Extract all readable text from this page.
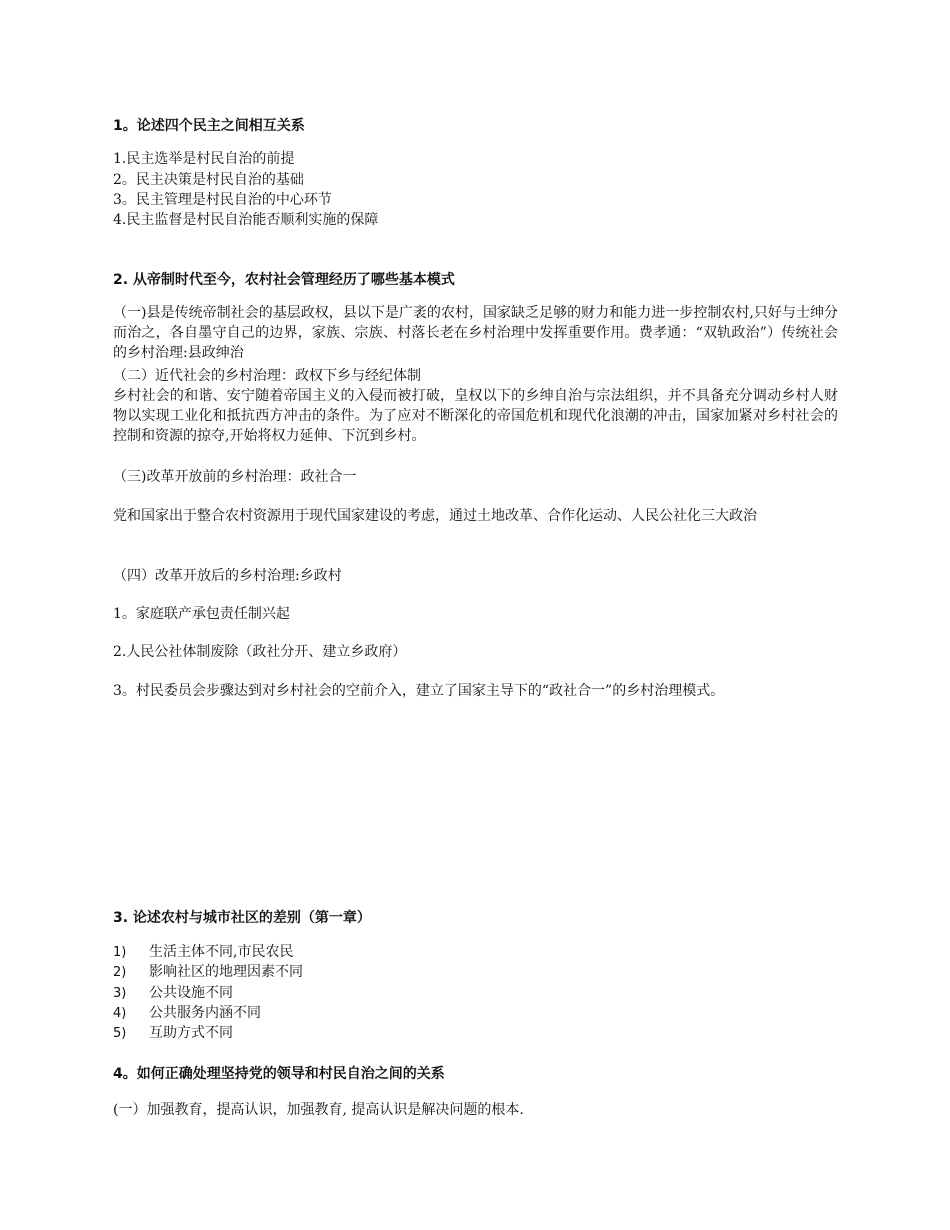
1。论述四个民主之间相互关系
1.民主选举是村民自治的前提
2。民主决策是村民自治的基础
3。民主管理是村民自治的中心环节
4.民主监督是村民自治能否顺利实施的保障
2. 从帝制时代至今，农村社会管理经历了哪些基本模式
（一)县是传统帝制社会的基层政权，县以下是广袤的农村，国家缺乏足够的财力和能力进一步控制农村,只好与士绅分而治之，各自墨守自己的边界，家族、宗族、村落长老在乡村治理中发挥重要作用。费孝通：“双轨政治”）传统社会的乡村治理:县政绅治
（二）近代社会的乡村治理：政权下乡与经纪体制
乡村社会的和谐、安宁随着帝国主义的入侵而被打破，皇权以下的乡绅自治与宗法组织，并不具备充分调动乡村人财物以实现工业化和抵抗西方冲击的条件。为了应对不断深化的帝国危机和现代化浪潮的冲击，国家加紧对乡村社会的控制和资源的掠夺,开始将权力延伸、下沉到乡村。
（三)改革开放前的乡村治理：政社合一
党和国家出于整合农村资源用于现代国家建设的考虑，通过土地改革、合作化运动、人民公社化三大政治
（四）改革开放后的乡村治理:乡政村
1。家庭联产承包责任制兴起
2.人民公社体制废除（政社分开、建立乡政府）
3。村民委员会步骤达到对乡村社会的空前介入，建立了国家主导下的“政社合一”的乡村治理模式。
3. 论述农村与城市社区的差别（第一章）
1) 生活主体不同,市民农民
2) 影响社区的地理因素不同
3) 公共设施不同
4) 公共服务内涵不同
5) 互助方式不同
4。如何正确处理坚持党的领导和村民自治之间的关系
(一）加强教育，提高认识，加强教育, 提高认识是解决问题的根本.
